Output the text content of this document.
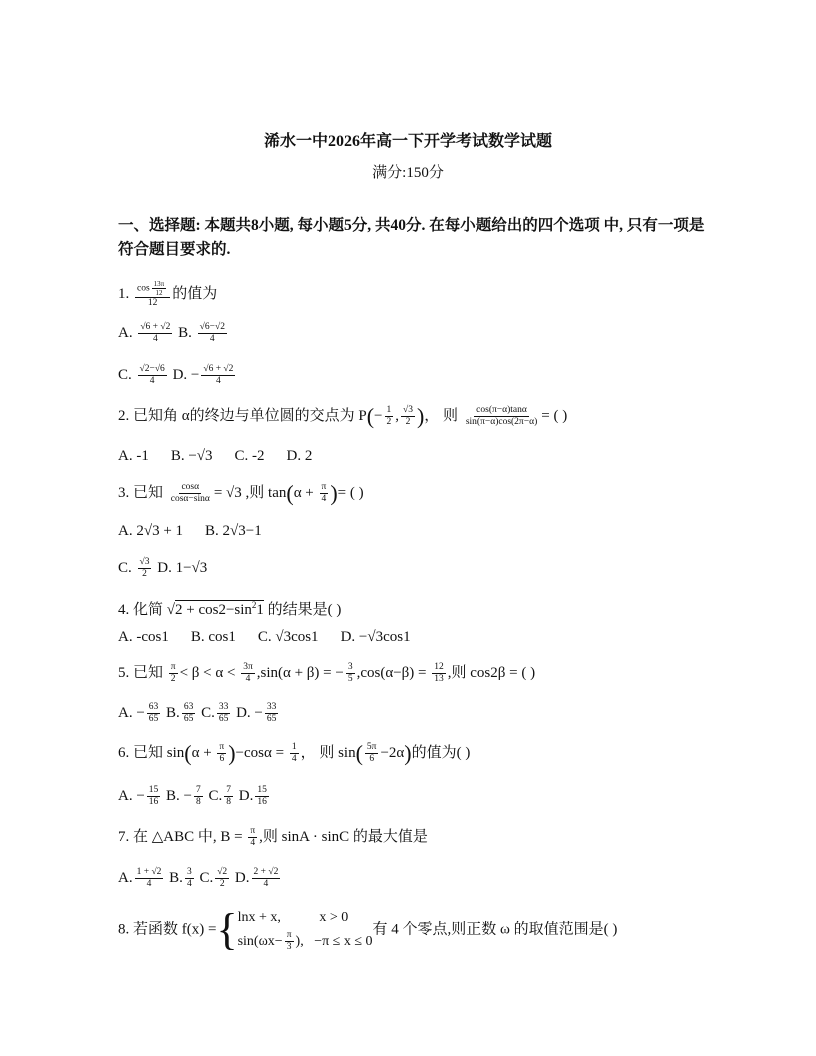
浠水一中2026年高一下开学考试数学试题
满分:150分
一、选择题: 本题共8小题, 每小题5分, 共40分. 在每小题给出的四个选项 中, 只有一项是符合题目要求的.
1. $\frac{\cos \frac{13\pi}{12}}{12}$ 的值为
A. $\frac{√6 + √2}{4} B$. $\frac{√6-√2}{4}$
C. $\frac{√2-√6}{4} D$. − $\frac{√6 + √2}{4}$
2. 已知角 α的终边与单位圆的交点为 $P(- \frac{1}{2}$ , $\frac{√3}{2}$ )， 则 $\frac{\cos(\pi-\alpha)\tan\alpha}{\sin(\pi-\alpha)\cos(2\pi-\alpha)}$ = ( )
A. -1 B. −√3 C. -2 D. 2
3. 已知 $\frac{\cos\alpha}{\cos\alpha-\sin\alpha} = √3$ ,则 $\tan(\alpha + \frac{\pi}{4}$ )= ( )
A. 2√3 + 1 B. 2√3−1
C. $\frac{√3}{2} D$. 1−√3
4. 化简 $√2 + \cos 2-\sin^21$ 的结果是( )
A. -cos1 B. cos1 C. √3cos1 D. −√3cos1
5. 已知 $\frac{\pi}{2} < \beta < \alpha < \frac{3\pi}{4} ,\sin(\alpha + \beta)$ = − $\frac{3}{5} ,\cos(\alpha-\beta) = \frac{12}{13}$ ,则 cos2β = ( )
A. − $\frac{63}{65} B$. $\frac{63}{65} C$. $\frac{33}{65} D$. − $\frac{33}{65}$
6. 已知 $\sin(\alpha + \frac{\pi}{6} )-\cos\alpha = \frac{1}{4}$ ， 则 $\sin( \frac{5\pi}{6} -2\alpha)$的值为( )
A. − $\frac{15}{16} B$. − $\frac{7}{8} C$. $\frac{7}{8} D$. $\frac{15}{16}$
7. 在 △ABC 中, $B = \frac{\pi}{4}$ ,则 sinA · sinC 的最大值是
A. $\frac{1 + √2}{4} B$. $\frac{3}{4} C$. $\frac{√2}{2} D$. $\frac{2 + √2}{4}$
8. 若函数 f(x) ={ lnx + x,	x > 0
$\sin(\omega x- \frac{\pi}{3}$ ), −π ≤ x ≤ 0
有 4 个零点,则正数 ω 的取值范围是( )
